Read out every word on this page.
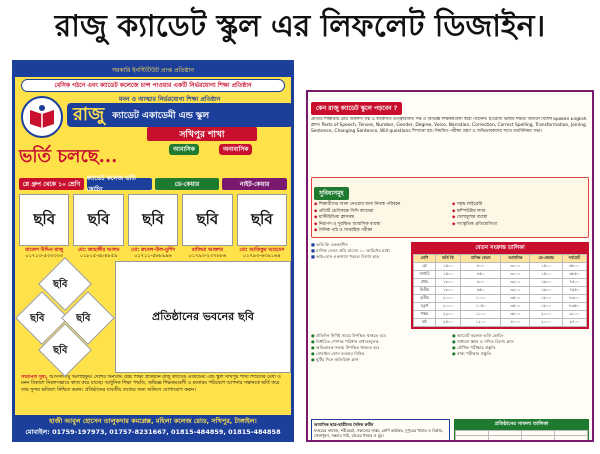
রাজু ক্যাডেট স্কুল এর লিফলেট ডিজাইন।
সরকারি ইনস্টিটিউট প্রাপ্ত প্রতিষ্ঠান
বেসিক গঠনে এবং ক্যাডেট কলেজে চান্স পাওয়ার একটি নির্ভরযোগ্য শিক্ষা প্রতিষ্ঠান
মনন ও আত্মার নির্ভরযোগ্য শিক্ষা প্রতিষ্ঠান
রাজু ক্যাডেট একাডেমী এন্ড স্কুল
সখিপুর শাখা
ভর্তি চলছে...	আবাসিক	অনাবাসিক
প্লে গ্রুপ থেকে ১০ শ্রেণি
ক্যাডেট কলেজ ভর্তি কোচিং
ডে-কেয়ার	নাইট-কেয়ার
ছবি	ছবি	ছবি	ছবি	ছবি
রাজেশ উদ্দিন রাজু
০১৭১৩-৫৩৩৩৩৩
মো: জাহাঙ্গীর আলম
০১৮১৫-৪৮৪৮৫৯
মো: রুবেল-উল-মুর্শিদ
০১৭১১-৫৬৮৯৯৬
রাজিয়া আক্তার
০১৭৯৩-২৩৭৮৮৬
মো: আতিকুর আহমেদ
০১৭৯৩-৬৩৯১৬৪
ছবি
ছবি	ছবি
ছবি
প্রতিষ্ঠানের ভবনের ছবি
সম্মানিত সুধী, আসসালামু আলাইকুম। দেশের অন্যতম শ্রেষ্ঠ শিক্ষা প্রতিষ্ঠান রাজু ক্যাডেট একাডেমী এন্ড স্কুল সখিপুর শাখা শিশুদের মেধা ও মনন বিকাশে নিরলসভাবে কাজ করে যাচ্ছে। আধুনিক শিক্ষা পদ্ধতি, অভিজ্ঞ শিক্ষকমণ্ডলী ও মনোরম পরিবেশে আপনার সন্তানকে ভর্তি করে তার সুন্দর ভবিষ্যৎ নিশ্চিত করুন। প্রতিষ্ঠানের যাবতীয় তথ্যের জন্য অফিসে যোগাযোগ করুন।
হাজী আবুল হোসেন তালুকদার কমপ্লেক্স, মহিলা কলেজ রোড, সখিপুর, টাঙ্গাইল।
মোবাইল: 01759-197973, 01757-8231667, 01815-484859, 01815-484858
কেন রাজু ক্যাডেট স্কুলে পড়বেন ?
প্রতিটি শিক্ষার্থীর প্রতি আলাদা যত্ন ও ব্যক্তিগত তত্ত্বাবধান। দক্ষ ও অভিজ্ঞ শিক্ষকমণ্ডলী দ্বারা পাঠদান। ইংরেজি ভাষায় দক্ষতা অর্জনে বিশেষ Spoken English ক্লাস। Parts of Speech, Tenses, Number, Gender, Degree, Voice, Narration, Correction, Correct Spelling, Transformation, Joining Sentence, Changing Sentence, Will questions শিখানো হয়। নিয়মিত পরীক্ষা গ্রহণ ও অভিভাবকদের সাথে মতবিনিময় সভা।
সুবিধাসমূহ
◆ শিক্ষার্থীদের আনা নেওয়ার জন্য নিজস্ব পরিবহন
◆ প্রতিটি শ্রেণিকক্ষে সিসি ক্যামেরা
◆ মাল্টিমিডিয়া ক্লাসরুম
◆ নিরাপদ ও সুরক্ষিত আবাসিক ব্যবস্থা
◆ দৈনিক পাঠ ও সাপ্তাহিক পরীক্ষা
◆ সমৃদ্ধ লাইব্রেরি
◆ কম্পিউটার ল্যাব
◆ খেলাধুলার ব্যবস্থা
◆ সাংস্কৃতিক প্রতিযোগিতা
■ ভর্তি ফি এককালীন
■ মাসিক বেতন প্রতি মাসের ১০ তারিখের মধ্যে
■ ভাই-বোন একসাথে পড়লে বিশেষ ছাড়
বেতন সংক্রান্ত তালিকা
শ্রেণি	ভর্তি ফি	মাসিক বেতন	আবাসিক	ডে-কেয়ার	সর্বমোট
প্লে	১৫০০	৮০০	৩০০০	১৫০০	৬৮০০
নার্সারি	১৫০০	৮৫০	৩০০০	১৫০০	৬৮৫০
প্রথম	১৮০০	৯০০	৩২০০	১৬০০	৭৫০০
দ্বিতীয়	১৮০০	৯৫০	৩২০০	১৬০০	৭৫৫০
তৃতীয়	২০০০	১০০০	৩৫০০	১৮০০	৮৩০০
চতুর্থ	২০০০	১০৫০	৩৫০০	১৮০০	৮৩৫০
পঞ্চম	২২০০	১১০০	৩৮০০	২০০০	৯১০০
ষষ্ঠ	২৫০০	১২০০	৪০০০	২০০০	৯৭০০
● প্রতিদিন নির্দিষ্ট সময়ে উপস্থিত থাকতে হবে
● নির্ধারিত পোশাক পরিধান বাধ্যতামূলক
● অভিভাবক সভায় উপস্থিত থাকতে হবে
● মোবাইল ফোন ব্যবহার নিষিদ্ধ
● ছুটির দিনে অতিরিক্ত ক্লাস
● ক্যাডেট কলেজ ভর্তি কোচিং
● সাধারণ জ্ঞান ও গণিত বিশেষ ক্লাস
● মৌখিক পরীক্ষার প্রস্তুতি
● স্বাস্থ্য পরীক্ষার প্রস্তুতি
আবাসিক ছাত্র-ছাত্রীদের দৈনিক রুটিন
ফজরের নামাজ, শরীরচর্চা, সকালের নাস্তা, শ্রেণি কার্যক্রম, দুপুরের খাবার ও বিশ্রাম, খেলাধুলা, সন্ধ্যার পাঠ, রাতের খাবার ও ঘুম।
প্রতিষ্ঠানের সাফল্য তালিকা
